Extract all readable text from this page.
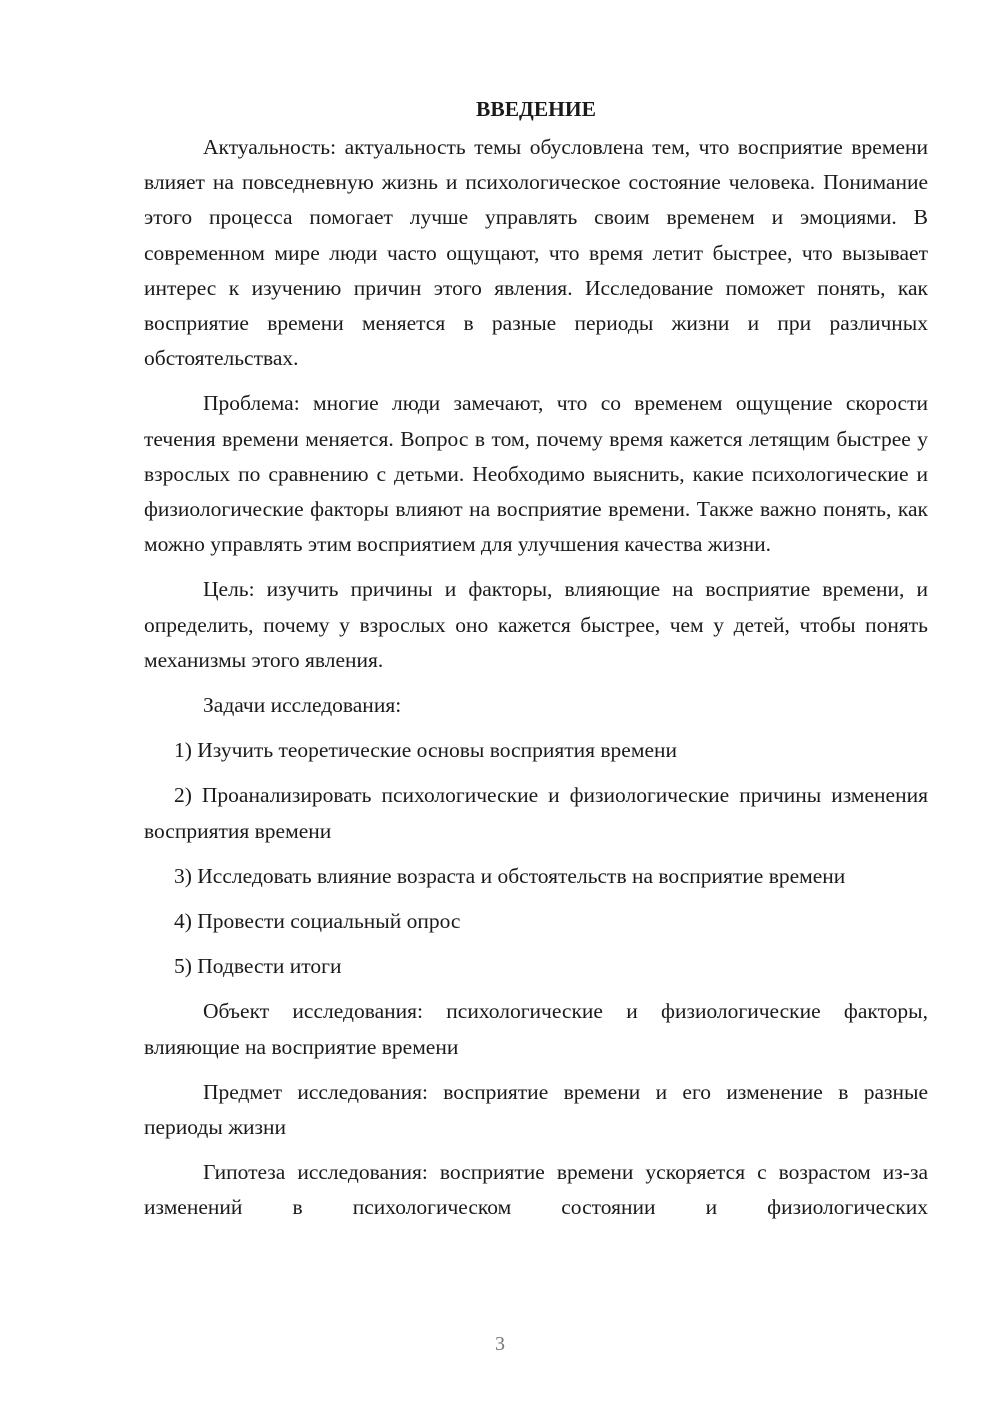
ВВЕДЕНИЕ

Актуальность: актуальность темы обусловлена тем, что восприятие времени влияет на повседневную жизнь и психологическое состояние человека. Понимание этого процесса помогает лучше управлять своим временем и эмоциями. В современном мире люди часто ощущают, что время летит быстрее, что вызывает интерес к изучению причин этого явления. Исследование поможет понять, как восприятие времени меняется в разные периоды жизни и при различных обстоятельствах.

Проблема: многие люди замечают, что со временем ощущение скорости течения времени меняется. Вопрос в том, почему время кажется летящим быстрее у взрослых по сравнению с детьми. Необходимо выяснить, какие психологические и физиологические факторы влияют на восприятие времени. Также важно понять, как можно управлять этим восприятием для улучшения качества жизни.

Цель: изучить причины и факторы, влияющие на восприятие времени, и определить, почему у взрослых оно кажется быстрее, чем у детей, чтобы понять механизмы этого явления.

Задачи исследования:

1) Изучить теоретические основы восприятия времени

2) Проанализировать психологические и физиологические причины изменения восприятия времени

3) Исследовать влияние возраста и обстоятельств на восприятие времени

4) Провести социальный опрос

5) Подвести итоги

Объект исследования: психологические и физиологические факторы, влияющие на восприятие времени

Предмет исследования: восприятие времени и его изменение в разные периоды жизни

Гипотеза исследования: восприятие времени ускоряется с возрастом из-за изменений в психологическом состоянии и физиологических

3
